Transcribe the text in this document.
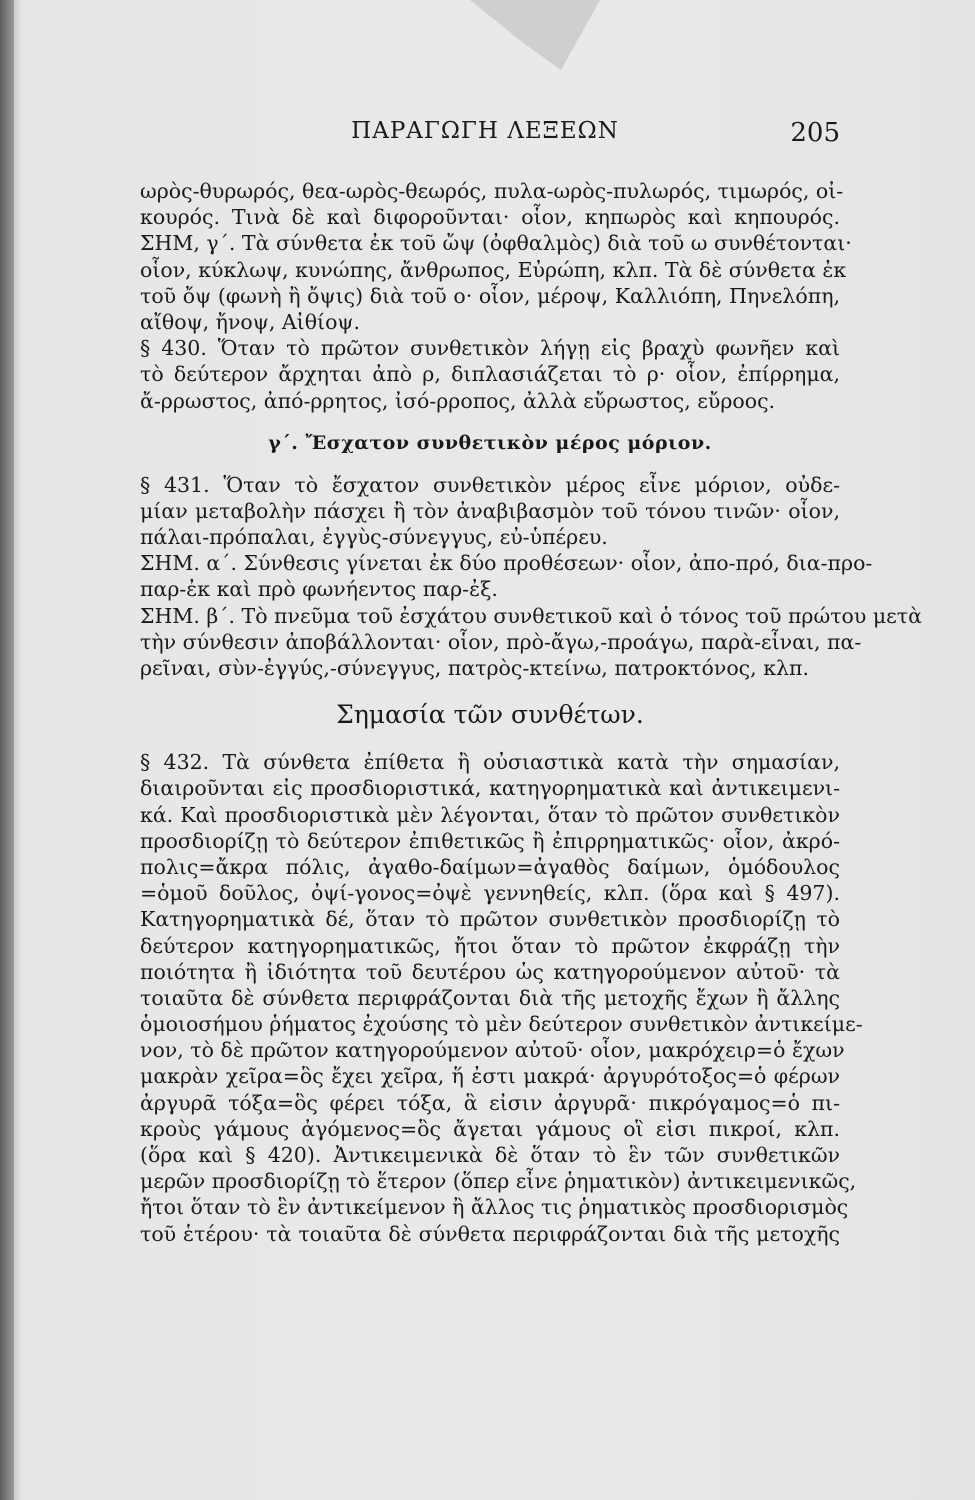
ΠΑΡΑΓΩΓΗ ΛΕΞΕΩΝ	205
ωρὸς-θυρωρός, θεα-ωρὸς-θεωρός, πυλα-ωρὸς-πυλωρός, τιμωρός, οἰ-
κουρός. Τινὰ δὲ καὶ διφοροῦνται· οἷον, κηπωρὸς καὶ κηπουρός.
ΣΗΜ, γ΄. Τὰ σύνθετα ἐκ τοῦ ὤψ (ὀφθαλμὸς) διὰ τοῦ ω συνθέτονται·
οἷον, κύκλωψ, κυνώπης, ἄνθρωπος, Εὐρώπη, κλπ. Τὰ δὲ σύνθετα ἐκ
τοῦ ὄψ (φωνὴ ἢ ὄψις) διὰ τοῦ ο· οἷον, μέροψ, Καλλιόπη, Πηνελόπη,
αἴθοψ, ἤνοψ, Αἰθίοψ.
§ 430. Ὅταν τὸ πρῶτον συνθετικὸν λήγῃ εἰς βραχὺ φωνῆεν καὶ
τὸ δεύτερον ἄρχηται ἀπὸ ρ, διπλασιάζεται τὸ ρ· οἷον, ἐπίρρημα,
ἄ-ρρωστος, ἀπό-ρρητος, ἰσό-ρροπος, ἀλλὰ εὔρωστος, εὔροος.
γ΄. Ἔσχατον συνθετικὸν μέρος μόριον.
§ 431. Ὅταν τὸ ἔσχατον συνθετικὸν μέρος εἶνε μόριον, οὐδε-
μίαν μεταβολὴν πάσχει ἢ τὸν ἀναβιβασμὸν τοῦ τόνου τινῶν· οἷον,
πάλαι-πρόπαλαι, ἐγγὺς-σύνεγγυς, εὐ-ὑπέρευ.
ΣΗΜ. α΄. Σύνθεσις γίνεται ἐκ δύο προθέσεων· οἷον, ἀπο-πρό, δια-προ-
παρ-ἐκ καὶ πρὸ φωνήεντος παρ-ἐξ.
ΣΗΜ. β΄. Τὸ πνεῦμα τοῦ ἐσχάτου συνθετικοῦ καὶ ὁ τόνος τοῦ πρώτου μετὰ
τὴν σύνθεσιν ἀποβάλλονται· οἷον, πρὸ-ἄγω,-προάγω, παρὰ-εἶναι, πα-
ρεῖναι, σὺν-ἐγγύς,-σύνεγγυς, πατρὸς-κτείνω, πατροκτόνος, κλπ.
Σημασία τῶν συνθέτων.
§ 432. Τὰ σύνθετα ἐπίθετα ἢ οὐσιαστικὰ κατὰ τὴν σημασίαν,
διαιροῦνται εἰς προσδιοριστικά, κατηγορηματικὰ καὶ ἀντικειμενι-
κά. Καὶ προσδιοριστικὰ μὲν λέγονται, ὅταν τὸ πρῶτον συνθετικὸν
προσδιορίζῃ τὸ δεύτερον ἐπιθετικῶς ἢ ἐπιρρηματικῶς· οἷον, ἀκρό-
πολις=ἄκρα πόλις, ἀγαθο-δαίμων=ἀγαθὸς δαίμων, ὁμόδουλος
=ὁμοῦ δοῦλος, ὀψί-γονος=ὀψὲ γεννηθείς, κλπ. (ὅρα καὶ § 497).
Κατηγορηματικὰ δέ, ὅταν τὸ πρῶτον συνθετικὸν προσδιορίζῃ τὸ
δεύτερον κατηγορηματικῶς, ἤτοι ὅταν τὸ πρῶτον ἐκφράζῃ τὴν
ποιότητα ἢ ἰδιότητα τοῦ δευτέρου ὡς κατηγορούμενον αὐτοῦ· τὰ
τοιαῦτα δὲ σύνθετα περιφράζονται διὰ τῆς μετοχῆς ἔχων ἢ ἄλλης
ὁμοιοσήμου ῥήματος ἐχούσης τὸ μὲν δεύτερον συνθετικὸν ἀντικείμε-
νον, τὸ δὲ πρῶτον κατηγορούμενον αὐτοῦ· οἷον, μακρόχειρ=ὁ ἔχων
μακρὰν χεῖρα=ὃς ἔχει χεῖρα, ἥ ἐστι μακρά· ἀργυρότοξος=ὁ φέρων
ἀργυρᾶ τόξα=ὃς φέρει τόξα, ἃ εἰσιν ἀργυρᾶ· πικρόγαμος=ὁ πι-
κροὺς γάμους ἀγόμενος=ὃς ἄγεται γάμους οἳ εἰσι πικροί, κλπ.
(ὅρα καὶ § 420). Ἀντικειμενικὰ δὲ ὅταν τὸ ἓν τῶν συνθετικῶν
μερῶν προσδιορίζῃ τὸ ἕτερον (ὅπερ εἶνε ῥηματικὸν) ἀντικειμενικῶς,
ἤτοι ὅταν τὸ ἓν ἀντικείμενον ἢ ἄλλος τις ῥηματικὸς προσδιορισμὸς
τοῦ ἑτέρου· τὰ τοιαῦτα δὲ σύνθετα περιφράζονται διὰ τῆς μετοχῆς
